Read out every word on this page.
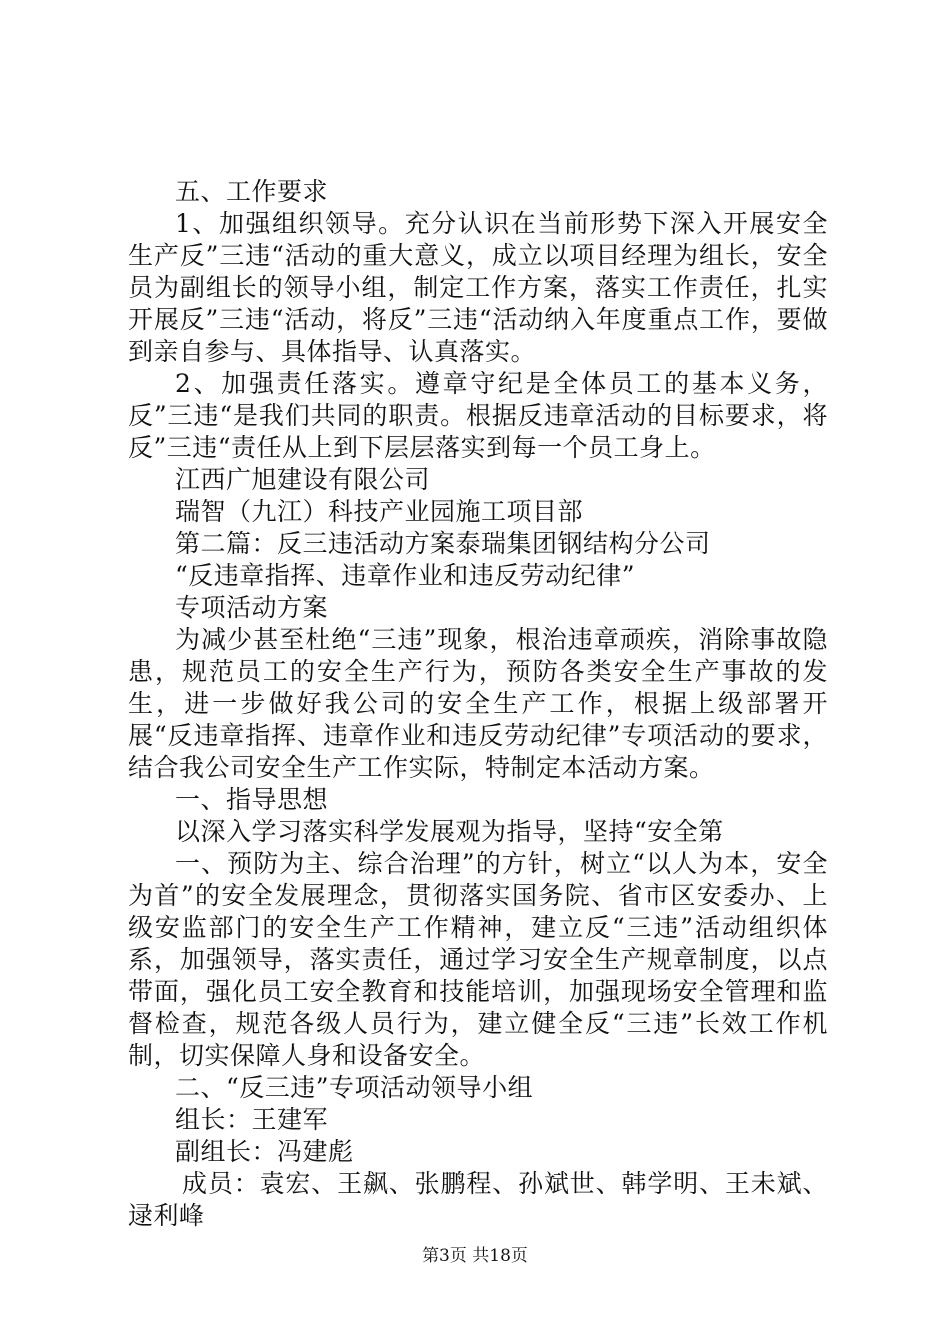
五、工作要求

1、加强组织领导。充分认识在当前形势下深入开展安全生产反”三违“活动的重大意义，成立以项目经理为组长，安全员为副组长的领导小组，制定工作方案，落实工作责任，扎实开展反”三违“活动，将反”三违“活动纳入年度重点工作，要做到亲自参与、具体指导、认真落实。

2、加强责任落实。遵章守纪是全体员工的基本义务，反”三违“是我们共同的职责。根据反违章活动的目标要求，将反”三违“责任从上到下层层落实到每一个员工身上。

江西广旭建设有限公司

瑞智（九江）科技产业园施工项目部

第二篇：反三违活动方案泰瑞集团钢结构分公司

“反违章指挥、违章作业和违反劳动纪律”

专项活动方案

为减少甚至杜绝“三违”现象，根治违章顽疾，消除事故隐患，规范员工的安全生产行为，预防各类安全生产事故的发生，进一步做好我公司的安全生产工作，根据上级部署开展“反违章指挥、违章作业和违反劳动纪律”专项活动的要求，结合我公司安全生产工作实际，特制定本活动方案。

一、指导思想

以深入学习落实科学发展观为指导，坚持“安全第

一、预防为主、综合治理”的方针，树立“以人为本，安全为首”的安全发展理念，贯彻落实国务院、省市区安委办、上级安监部门的安全生产工作精神，建立反“三违”活动组织体系，加强领导，落实责任，通过学习安全生产规章制度，以点带面，强化员工安全教育和技能培训，加强现场安全管理和监督检查，规范各级人员行为，建立健全反“三违”长效工作机制，切实保障人身和设备安全。

二、“反三违”专项活动领导小组

组长：王建军

副组长：冯建彪

成员：袁宏、王飙、张鹏程、孙斌世、韩学明、王未斌、逯利峰

第3页 共18页
